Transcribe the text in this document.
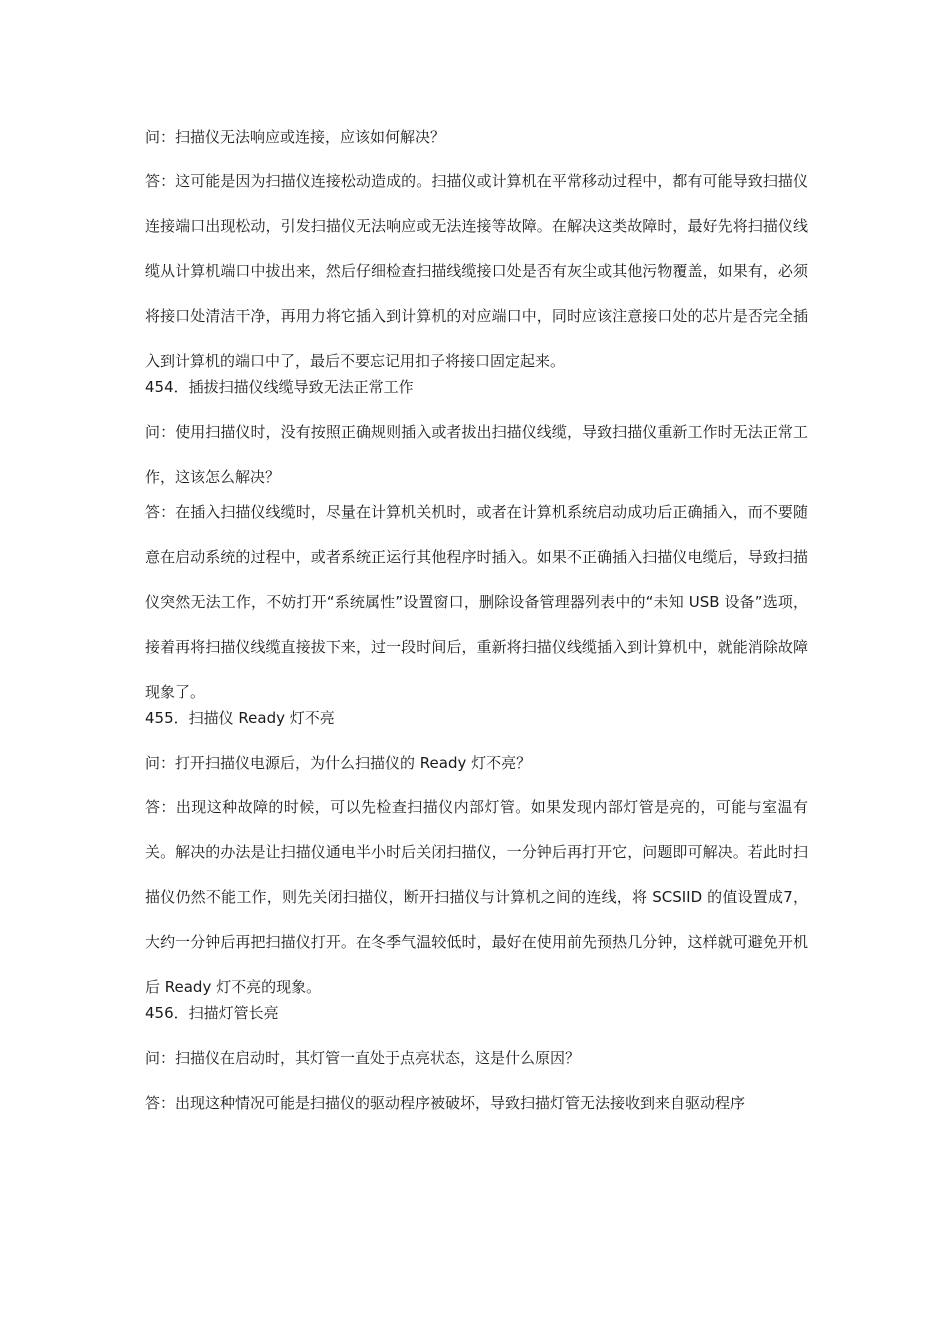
问：扫描仪无法响应或连接，应该如何解决？

答：这可能是因为扫描仪连接松动造成的。扫描仪或计算机在平常移动过程中，都有可能导致扫描仪连接端口出现松动，引发扫描仪无法响应或无法连接等故障。在解决这类故障时，最好先将扫描仪线缆从计算机端口中拔出来，然后仔细检查扫描线缆接口处是否有灰尘或其他污物覆盖，如果有，必须将接口处清洁干净，再用力将它插入到计算机的对应端口中，同时应该注意接口处的芯片是否完全插入到计算机的端口中了，最后不要忘记用扣子将接口固定起来。

454．插拔扫描仪线缆导致无法正常工作

问：使用扫描仪时，没有按照正确规则插入或者拔出扫描仪线缆，导致扫描仪重新工作时无法正常工作，这该怎么解决？

答：在插入扫描仪线缆时，尽量在计算机关机时，或者在计算机系统启动成功后正确插入，而不要随意在启动系统的过程中，或者系统正运行其他程序时插入。如果不正确插入扫描仪电缆后，导致扫描仪突然无法工作，不妨打开“系统属性”设置窗口，删除设备管理器列表中的“未知 USB 设备”选项，接着再将扫描仪线缆直接拔下来，过一段时间后，重新将扫描仪线缆插入到计算机中，就能消除故障现象了。

455．扫描仪 Ready 灯不亮

问：打开扫描仪电源后，为什么扫描仪的 Ready 灯不亮？

答：出现这种故障的时候，可以先检查扫描仪内部灯管。如果发现内部灯管是亮的，可能与室温有关。解决的办法是让扫描仪通电半小时后关闭扫描仪，一分钟后再打开它，问题即可解决。若此时扫描仪仍然不能工作，则先关闭扫描仪，断开扫描仪与计算机之间的连线，将 SCSIID 的值设置成7，大约一分钟后再把扫描仪打开。在冬季气温较低时，最好在使用前先预热几分钟，这样就可避免开机后 Ready 灯不亮的现象。

456．扫描灯管长亮

问：扫描仪在启动时，其灯管一直处于点亮状态，这是什么原因？

答：出现这种情况可能是扫描仪的驱动程序被破坏，导致扫描灯管无法接收到来自驱动程序
